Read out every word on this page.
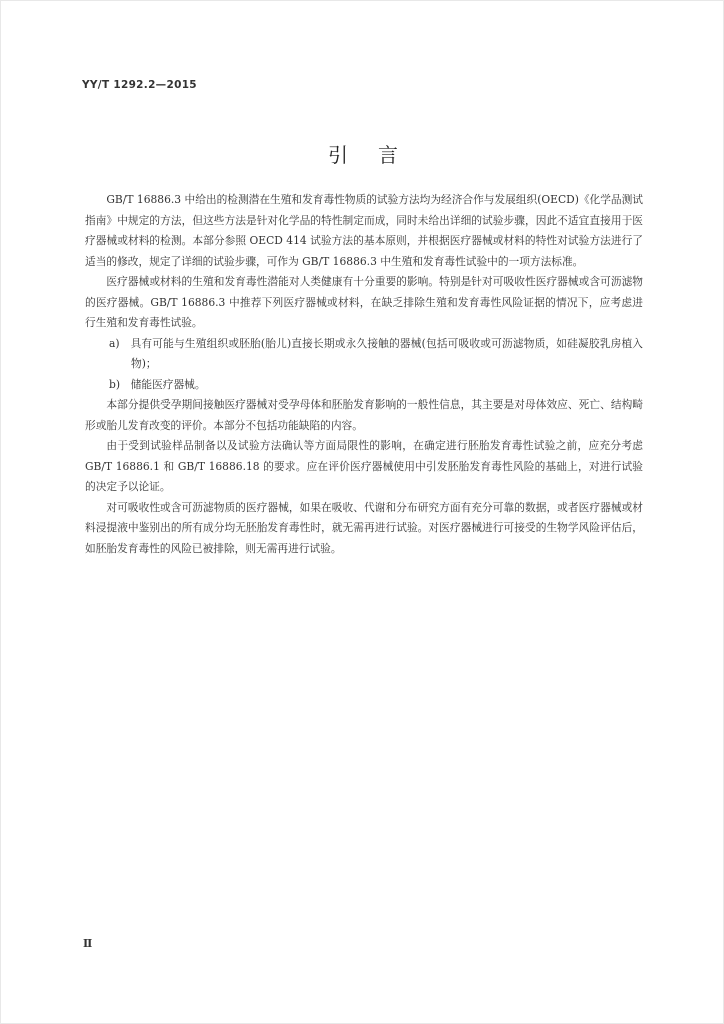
YY/T 1292.2—2015
引言

GB/T 16886.3 中给出的检测潜在生殖和发育毒性物质的试验方法均为经济合作与发展组织(OECD)《化学品测试指南》中规定的方法，但这些方法是针对化学品的特性制定而成，同时未给出详细的试验步骤，因此不适宜直接用于医疗器械或材料的检测。本部分参照 OECD 414 试验方法的基本原则，并根据医疗器械或材料的特性对试验方法进行了适当的修改，规定了详细的试验步骤，可作为 GB/T 16886.3 中生殖和发育毒性试验中的一项方法标准。

医疗器械或材料的生殖和发育毒性潜能对人类健康有十分重要的影响。特别是针对可吸收性医疗器械或含可沥滤物的医疗器械。GB/T 16886.3 中推荐下列医疗器械或材料，在缺乏排除生殖和发育毒性风险证据的情况下，应考虑进行生殖和发育毒性试验。

a)　具有可能与生殖组织或胚胎(胎儿)直接长期或永久接触的器械(包括可吸收或可沥滤物质，如硅凝胶乳房植入物)；

b)　储能医疗器械。

本部分提供受孕期间接触医疗器械对受孕母体和胚胎发育影响的一般性信息，其主要是对母体效应、死亡、结构畸形或胎儿发育改变的评价。本部分不包括功能缺陷的内容。

由于受到试验样品制备以及试验方法确认等方面局限性的影响，在确定进行胚胎发育毒性试验之前，应充分考虑 GB/T 16886.1 和 GB/T 16886.18 的要求。应在评价医疗器械使用中引发胚胎发育毒性风险的基础上，对进行试验的决定予以论证。

对可吸收性或含可沥滤物质的医疗器械，如果在吸收、代谢和分布研究方面有充分可靠的数据，或者医疗器械或材料浸提液中鉴别出的所有成分均无胚胎发育毒性时，就无需再进行试验。对医疗器械进行可接受的生物学风险评估后，如胚胎发育毒性的风险已被排除，则无需再进行试验。

Ⅱ
